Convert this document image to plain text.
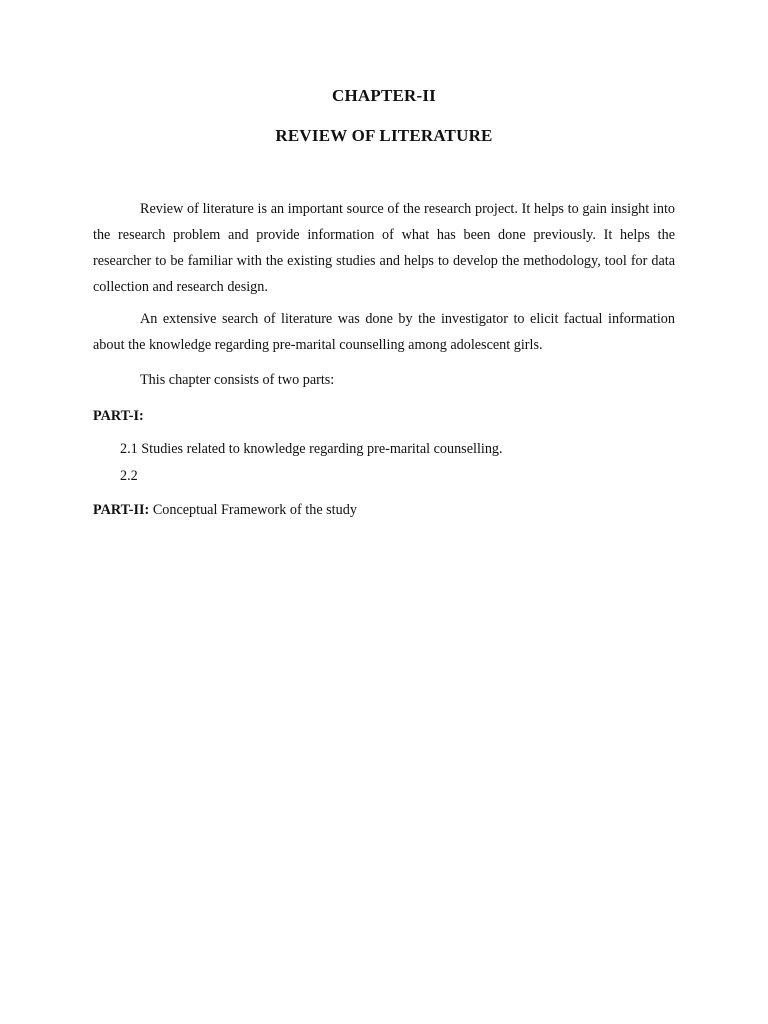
CHAPTER-II
REVIEW OF LITERATURE

Review of literature is an important source of the research project. It helps to gain insight into the research problem and provide information of what has been done previously. It helps the researcher to be familiar with the existing studies and helps to develop the methodology, tool for data collection and research design.

An extensive search of literature was done by the investigator to elicit factual information about the knowledge regarding pre-marital counselling among adolescent girls.

This chapter consists of two parts:

PART-I:

2.1 Studies related to knowledge regarding pre-marital counselling.

2.2

PART-II: Conceptual Framework of the study
